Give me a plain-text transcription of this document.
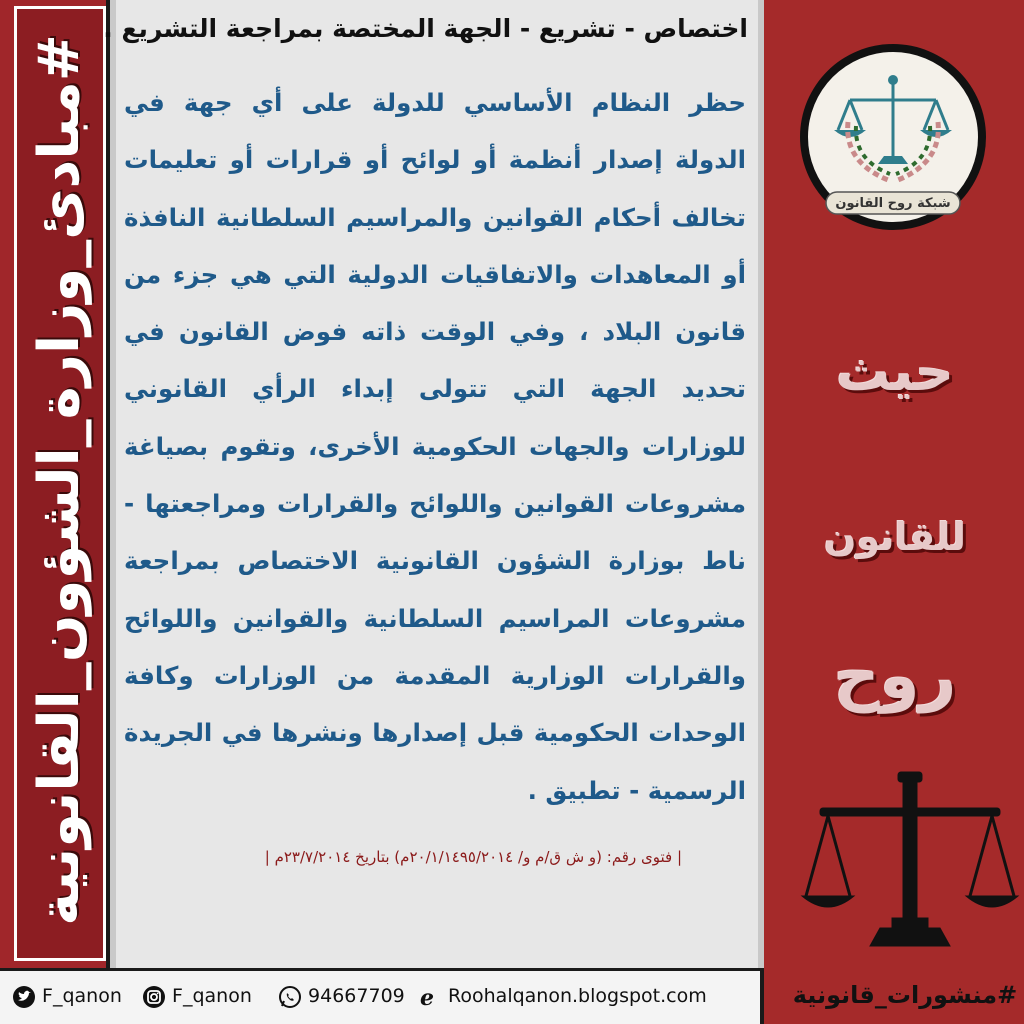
#مبادئ_وزارة_الشؤون_القانونية
اختصاص - تشريع - الجهة المختصة بمراجعة التشريع .
حظر النظام الأساسي للدولة على أي جهة في الدولة إصدار أنظمة أو لوائح أو قرارات أو تعليمات تخالف أحكام القوانين والمراسيم السلطانية النافذة أو المعاهدات والاتفاقيات الدولية التي هي جزء من قانون البلاد ، وفي الوقت ذاته فوض القانون في تحديد الجهة التي تتولى إبداء الرأي القانوني للوزارات والجهات الحكومية الأخرى، وتقوم بصياغة مشروعات القوانين واللوائح والقرارات ومراجعتها - ناط بوزارة الشؤون القانونية الاختصاص بمراجعة مشروعات المراسيم السلطانية والقوانين واللوائح والقرارات الوزارية المقدمة من الوزارات وكافة الوحدات الحكومية قبل إصدارها ونشرها في الجريدة الرسمية - تطبيق .
| فتوى رقم: (و ش ق/م و/ ٢٠/١/١٤٩٥/٢٠١٤م) بتاريخ ٢٣/٧/٢٠١٤م |
شبكة روح القانون
حيث
للقانون
روح
#منشورات_قانونية
F_qanon	F_qanon	94667709 e Roohalqanon.blogspot.com
